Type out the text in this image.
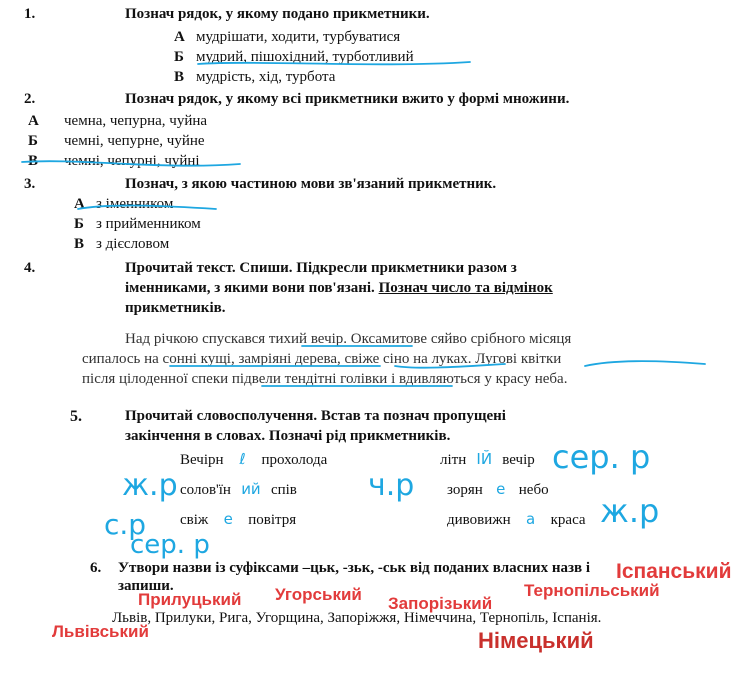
1.	Познач рядок, у якому подано прикметники.
А мудрішати, ходити, турбуватися
Б мудрий, пішохідний, турботливий
В мудрість, хід, турбота
2.	Познач рядок, у якому всі прикметники вжито у формі множини.
А чемна, чепурна, чуйна
Б чемні, чепурне, чуйне
В чемні, чепурні, чуйні
3.	Познач, з якою частиною мови зв'язаний прикметник.
А з іменником
Б з прийменником
В з дієсловом
4.	Прочитай текст. Спиши. Підкресли прикметники разом з
іменниками, з якими вони пов'язані. Познач число та відмінок
прикметників.
Над річкою спускався тихий вечір. Оксамитове сяйво срібного місяця
сипалось на сонні кущі, замріяні дерева, свіже сіно на луках. Лугові квітки
після цілоденної спеки підвели тендітні голівки і вдивляються у красу неба.
5.	Прочитай словосполучення. Встав та познач пропущені
закінчення в словах. Позначі рід прикметників.
Вечірн ℓ прохолода	літн ІЙ вечір
солов'їн ий спів	зорян е небо
свіж е повітря	дивовижн а краса
сер. р
ж.р	ч.р
с.р	ж.р
сер. р
6. Утвори назви із суфіксами –цьк, -зьк, -ськ від поданих власних назв і
запиши.
Львів, Прилуки, Рига, Угорщина, Запоріжжя, Німеччина, Тернопіль, Іспанія.
Іспанський
Прилуцький Угорський Запорізький
Тернопільський
Львівський	Німецький
